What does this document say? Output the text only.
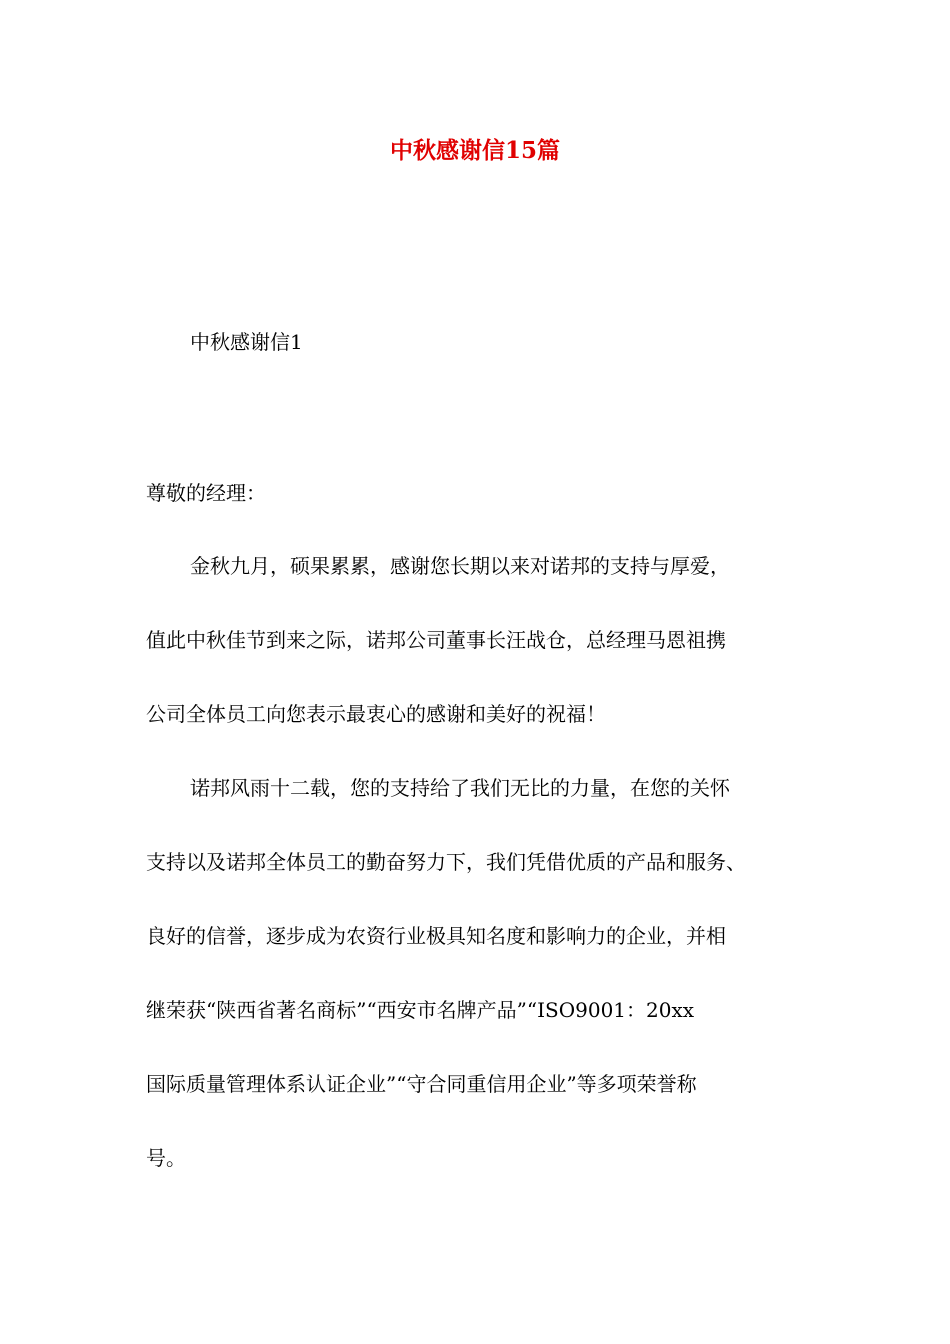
中秋感谢信15篇

中秋感谢信1

尊敬的经理：

金秋九月，硕果累累，感谢您长期以来对诺邦的支持与厚爱，
值此中秋佳节到来之际，诺邦公司董事长汪战仓，总经理马恩祖携
公司全体员工向您表示最衷心的感谢和美好的祝福！
诺邦风雨十二载，您的支持给了我们无比的力量，在您的关怀
支持以及诺邦全体员工的勤奋努力下，我们凭借优质的产品和服务、
良好的信誉，逐步成为农资行业极具知名度和影响力的企业，并相
继荣获“陕西省著名商标”“西安市名牌产品”“ISO9001：20xx
国际质量管理体系认证企业”“守合同重信用企业”等多项荣誉称
号。
